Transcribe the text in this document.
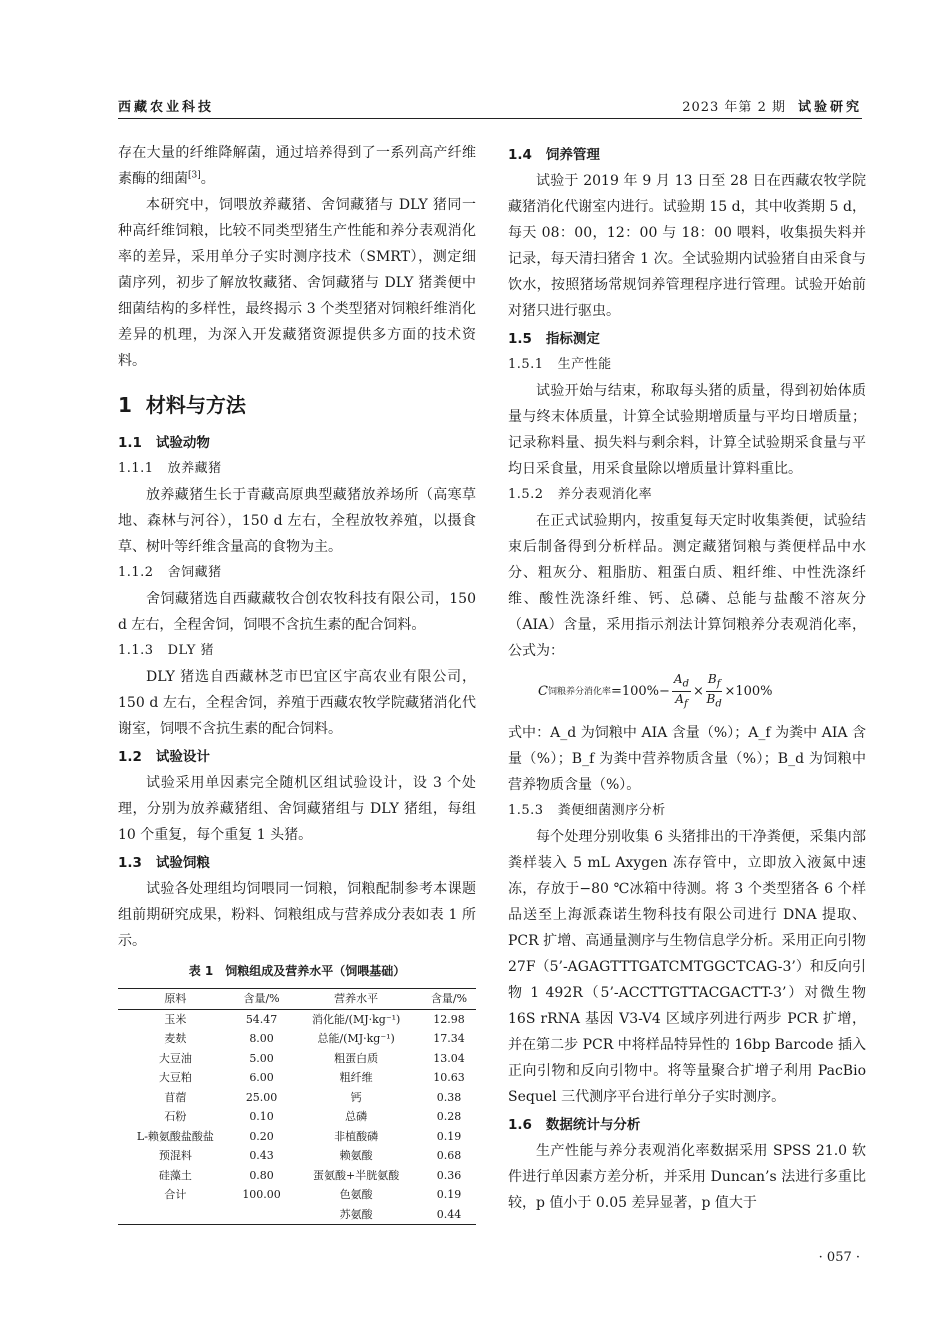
西藏农业科技	2023 年第 2 期 试验研究

存在大量的纤维降解菌，通过培养得到了一系列高产纤维素酶的细菌[3]。

本研究中，饲喂放养藏猪、舍饲藏猪与 DLY 猪同一种高纤维饲粮，比较不同类型猪生产性能和养分表观消化率的差异，采用单分子实时测序技术（SMRT），测定细菌序列，初步了解放牧藏猪、舍饲藏猪与 DLY 猪粪便中细菌结构的多样性，最终揭示 3 个类型猪对饲粮纤维消化差异的机理，为深入开发藏猪资源提供多方面的技术资料。

1 材料与方法
1.1 试验动物
1.1.1 放养藏猪

放养藏猪生长于青藏高原典型藏猪放养场所（高寒草地、森林与河谷），150 d 左右，全程放牧养殖，以摄食草、树叶等纤维含量高的食物为主。

1.1.2 舍饲藏猪

舍饲藏猪选自西藏藏牧合创农牧科技有限公司，150 d 左右，全程舍饲，饲喂不含抗生素的配合饲料。

1.1.3 DLY 猪

DLY 猪选自西藏林芝市巴宜区宇高农业有限公司，150 d 左右，全程舍饲，养殖于西藏农牧学院藏猪消化代谢室，饲喂不含抗生素的配合饲料。

1.2 试验设计

试验采用单因素完全随机区组试验设计，设 3 个处理，分别为放养藏猪组、舍饲藏猪组与 DLY 猪组，每组 10 个重复，每个重复 1 头猪。

1.3 试验饲粮

试验各处理组均饲喂同一饲粮，饲粮配制参考本课题组前期研究成果，粉料、饲粮组成与营养成分表如表 1 所示。

表 1　饲粮组成及营养水平（饲喂基础）
原料	含量/%	营养水平	含量/%
玉米	54.47	消化能/(MJ·kg⁻¹)	12.98
麦麸	8.00	总能/(MJ·kg⁻¹)	17.34
大豆油	5.00	粗蛋白质	13.04
大豆粕	6.00	粗纤维	10.63
苜蓿	25.00	钙	0.38
石粉	0.10	总磷	0.28
L-赖氨酸盐酸盐	0.20	非植酸磷	0.19
预混料	0.43	赖氨酸	0.68
硅藻土	0.80	蛋氨酸+半胱氨酸	0.36
合计	100.00	色氨酸	0.19
		苏氨酸	0.44
1.4 饲养管理

试验于 2019 年 9 月 13 日至 28 日在西藏农牧学院藏猪消化代谢室内进行。试验期 15 d，其中收粪期 5 d，每天 08：00，12：00 与 18：00 喂料，收集损失料并记录，每天清扫猪舍 1 次。全试验期内试验猪自由采食与饮水，按照猪场常规饲养管理程序进行管理。试验开始前对猪只进行驱虫。

1.5 指标测定
1.5.1 生产性能

试验开始与结束，称取每头猪的质量，得到初始体质量与终末体质量，计算全试验期增质量与平均日增质量；记录称料量、损失料与剩余料，计算全试验期采食量与平均日采食量，用采食量除以增质量计算料重比。

1.5.2 养分表观消化率

在正式试验期内，按重复每天定时收集粪便，试验结束后制备得到分析样品。测定藏猪饲粮与粪便样品中水分、粗灰分、粗脂肪、粗蛋白质、粗纤维、中性洗涤纤维、酸性洗涤纤维、钙、总磷、总能与盐酸不溶灰分（AIA）含量，采用指示剂法计算饲粮养分表观消化率，公式为：

C 饲粮养分消化率 $=100\%- \frac{A_d}{A_f} \times \frac{B_f}{B_d} \times 100\%$

式中：A_d 为饲粮中 AIA 含量（%）；A_f 为粪中 AIA 含量（%）；B_f 为粪中营养物质含量（%）；B_d 为饲粮中营养物质含量（%）。

1.5.3 粪便细菌测序分析

每个处理分别收集 6 头猪排出的干净粪便，采集内部粪样装入 5 mL Axygen 冻存管中，立即放入液氮中速冻，存放于−80 ℃冰箱中待测。将 3 个类型猪各 6 个样品送至上海派森诺生物科技有限公司进行 DNA 提取、PCR 扩增、高通量测序与生物信息学分析。采用正向引物 27F（5’-AGAGTTTGATCMTGGCTCAG-3’）和反向引物 1 492R（5’-ACCTTGTTACGACTT-3’）对微生物 16S rRNA 基因 V3-V4 区域序列进行两步 PCR 扩增，并在第二步 PCR 中将样品特异性的 16bp Barcode 插入正向引物和反向引物中。将等量聚合扩增子利用 PacBio Sequel 三代测序平台进行单分子实时测序。

1.6 数据统计与分析

生产性能与养分表观消化率数据采用 SPSS 21.0 软件进行单因素方差分析，并采用 Duncan’s 法进行多重比较，p 值小于 0.05 差异显著，p 值大于

· 057 ·
